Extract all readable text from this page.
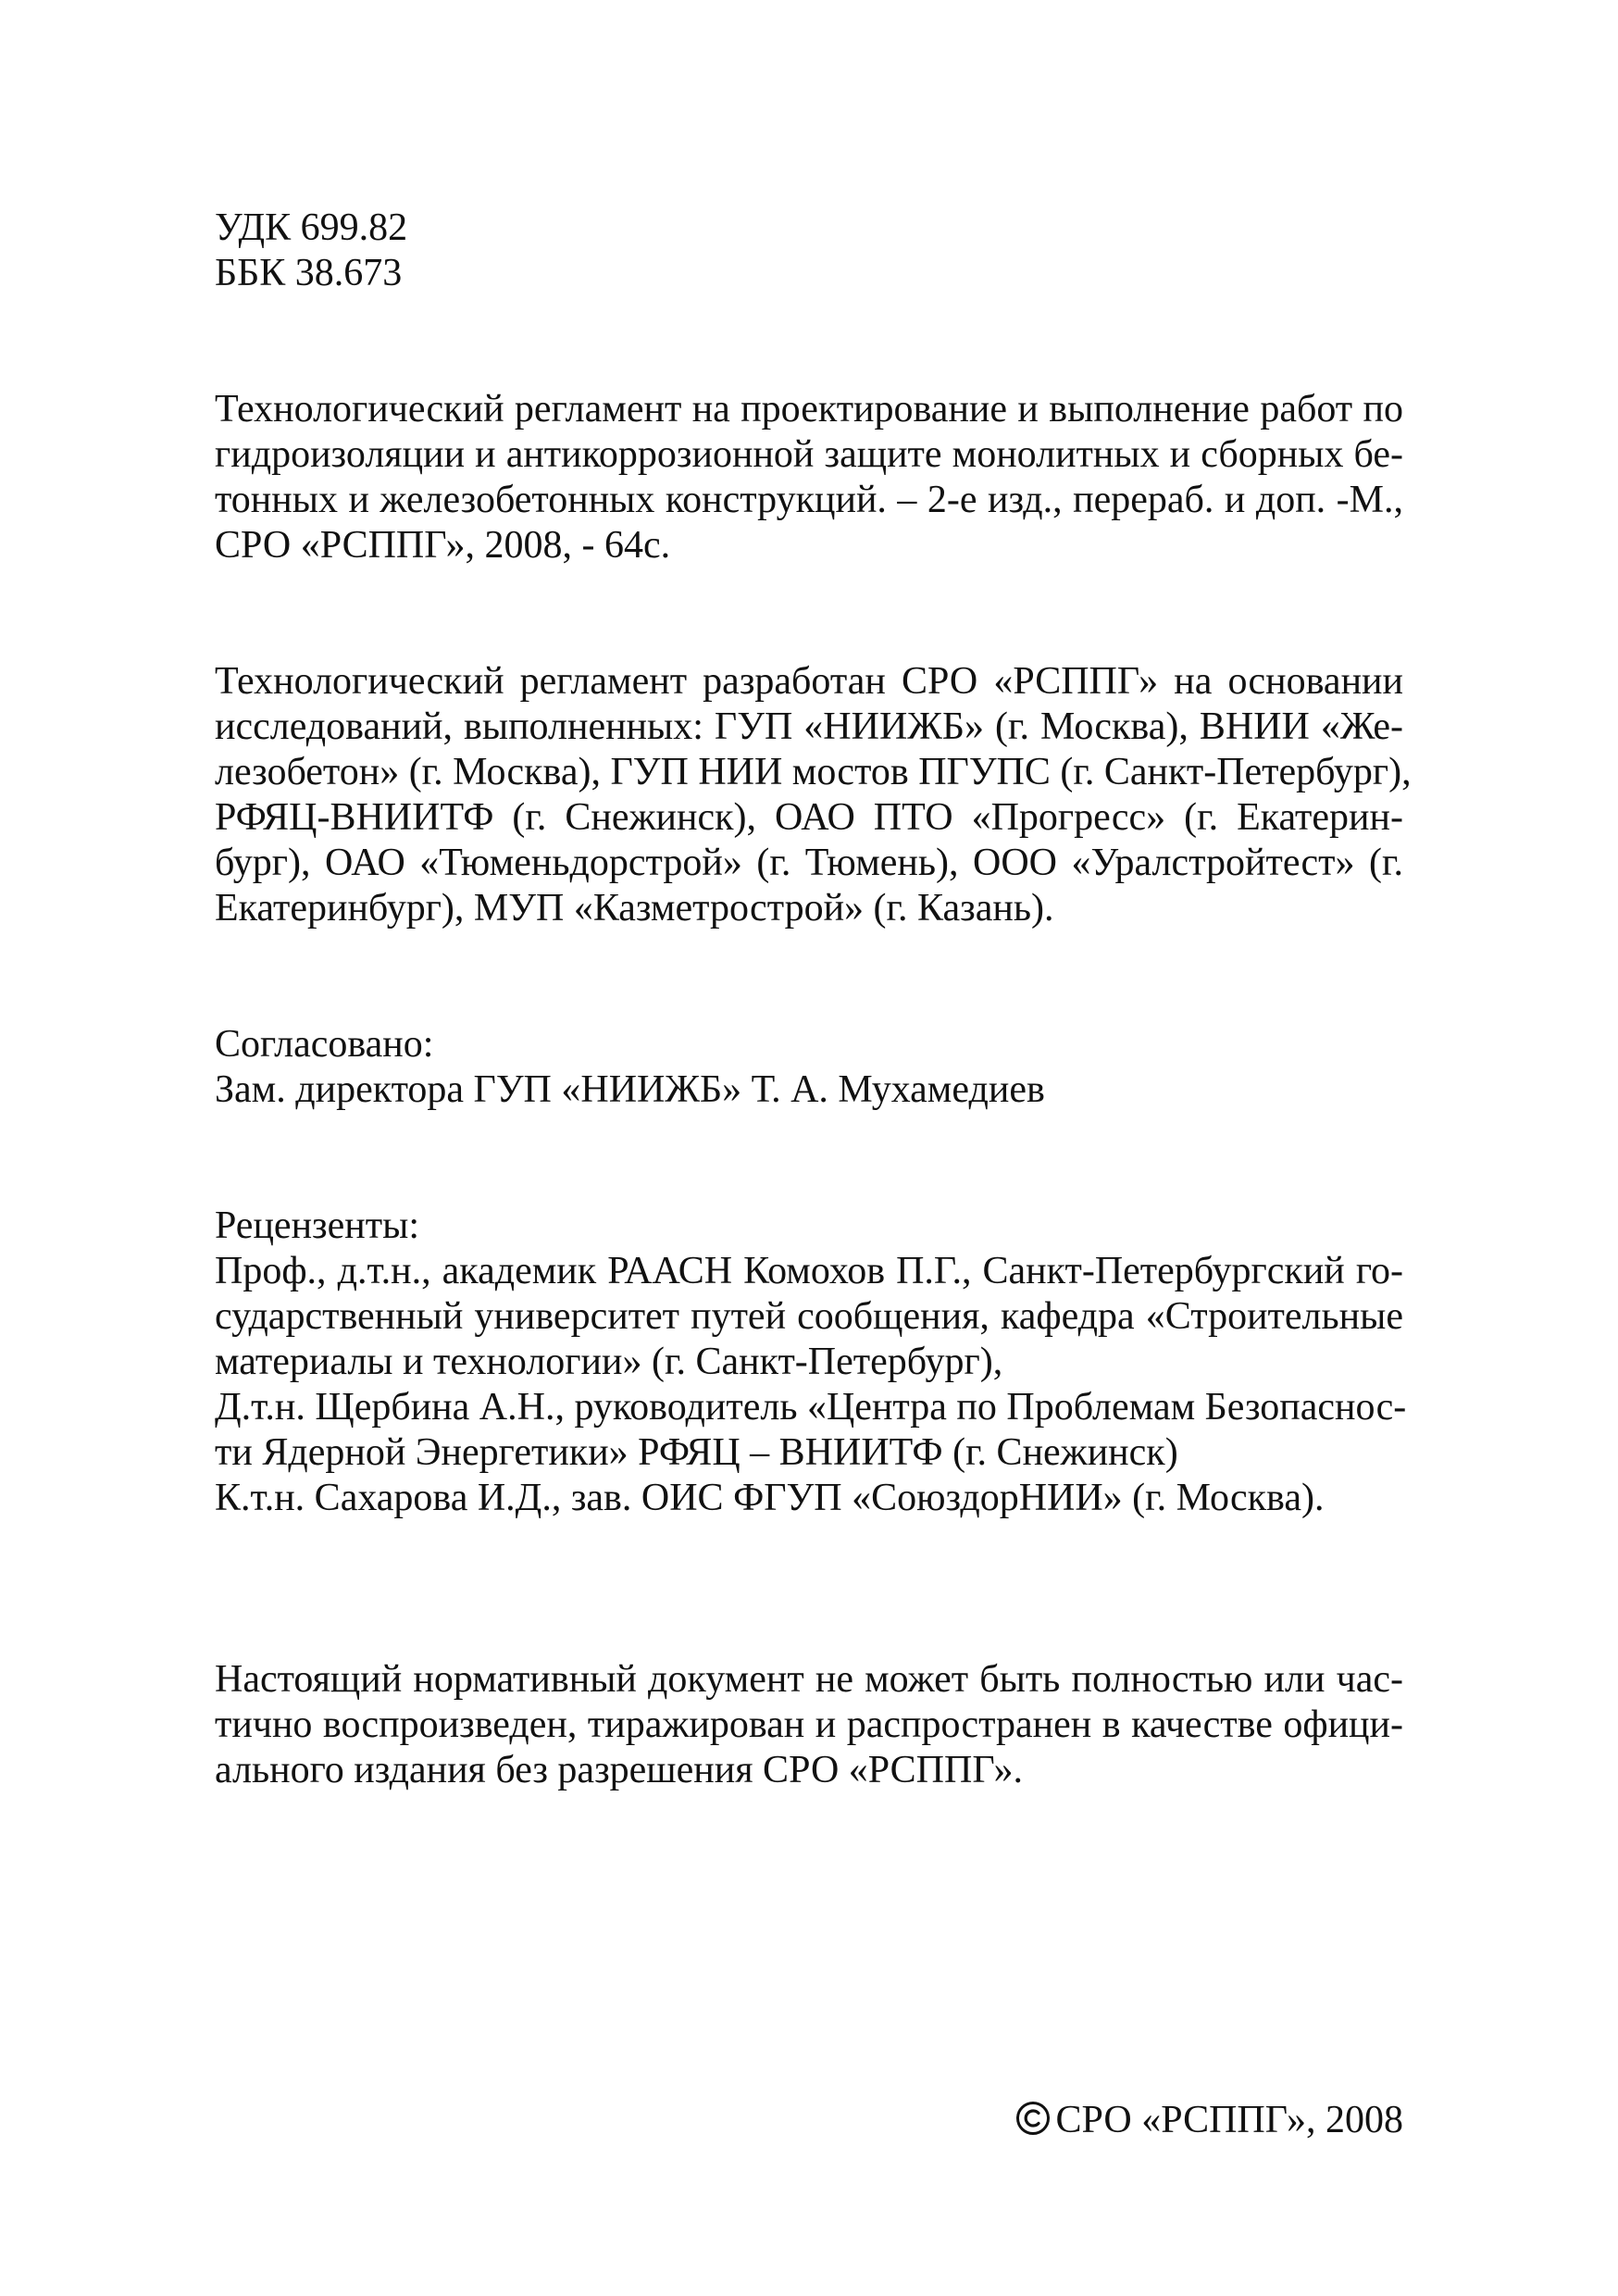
УДК 699.82
ББК 38.673
Технологический регламент на проектирование и выполнение работ по
гидроизоляции и антикоррозионной защите монолитных и сборных бе-
тонных и железобетонных конструкций. – 2-е изд., перераб. и доп. -М.,
СРО «РСППГ», 2008, - 64с.
Технологический регламент разработан СРО «РСППГ» на основании
исследований, выполненных: ГУП «НИИЖБ» (г. Москва), ВНИИ «Же-
лезобетон» (г. Москва), ГУП НИИ мостов ПГУПС (г. Санкт-Петербург),
РФЯЦ-ВНИИТФ (г. Снежинск), ОАО ПТО «Прогресс» (г. Екатерин-
бург), ОАО «Тюменьдорстрой» (г. Тюмень), ООО «Уралстройтест» (г.
Екатеринбург), МУП «Казметрострой» (г. Казань).
Согласовано:
Зам. директора ГУП «НИИЖБ» Т. А. Мухамедиев
Рецензенты:
Проф., д.т.н., академик РААСН Комохов П.Г., Санкт-Петербургский го-
сударственный университет путей сообщения, кафедра «Строительные
материалы и технологии» (г. Санкт-Петербург),
Д.т.н. Щербина А.Н., руководитель «Центра по Проблемам Безопаснос-
ти Ядерной Энергетики» РФЯЦ – ВНИИТФ (г. Снежинск)
К.т.н. Сахарова И.Д., зав. ОИС ФГУП «СоюздорНИИ» (г. Москва).
Настоящий нормативный документ не может быть полностью или час-
тично воспроизведен, тиражирован и распространен в качестве офици-
ального издания без разрешения СРО «РСППГ».
СРО «РСППГ», 2008
